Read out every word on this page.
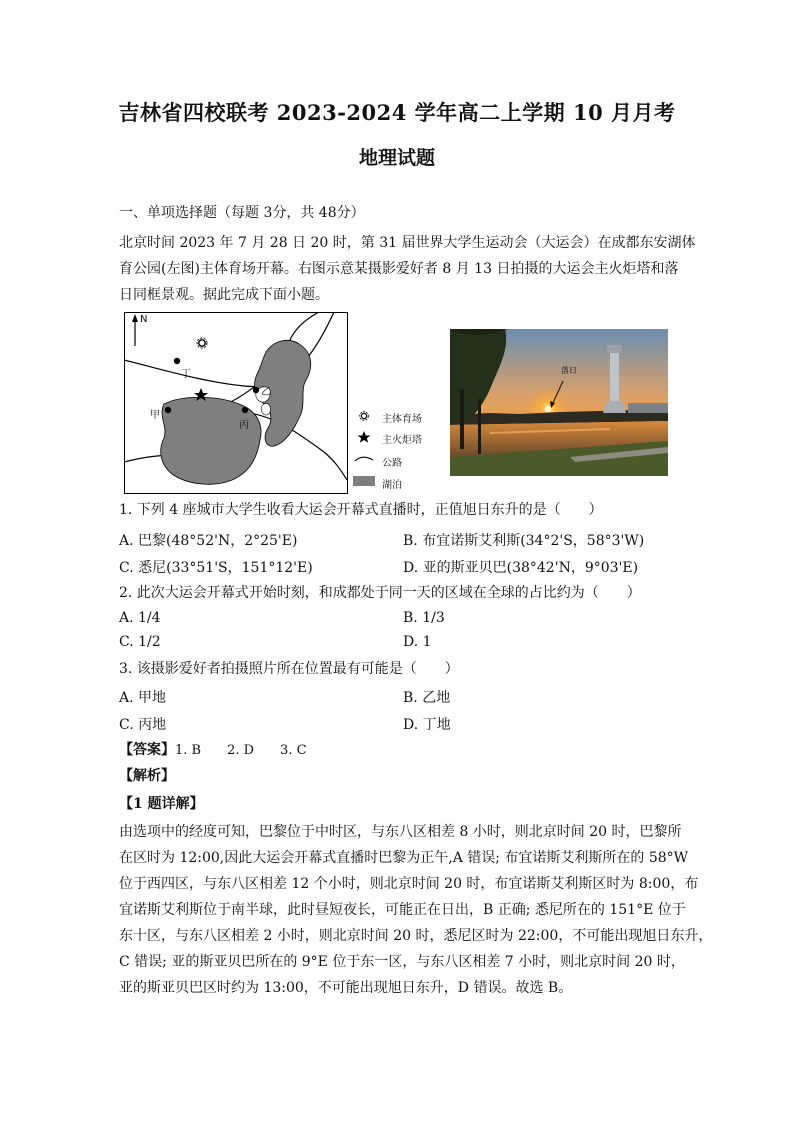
吉林省四校联考 2023-2024 学年高二上学期 10 月月考
地理试题
一、单项选择题（每题 3分，共 48分）
北京时间 2023 年 7 月 28 日 20 时，第 31 届世界大学生运动会（大运会）在成都东安湖体
育公园(左图)主体育场开幕。右图示意某摄影爱好者 8 月 13 日拍摄的大运会主火炬塔和落
日同框景观。据此完成下面小题。
N
丁
甲
丙
乙
主体育场
主火炬塔
公路
湖泊
落日
1. 下列 4 座城市大学生收看大运会开幕式直播时，正值旭日东升的是（　　）
A. 巴黎(48°52'N，2°25'E)	B. 布宜诺斯艾利斯(34°2'S，58°3'W)
C. 悉尼(33°51'S，151°12'E)	D. 亚的斯亚贝巴(38°42'N，9°03'E)
2. 此次大运会开幕式开始时刻，和成都处于同一天的区域在全球的占比约为（　　）
A. 1/4	B. 1/3
C. 1/2	D. 1
3. 该摄影爱好者拍摄照片所在位置最有可能是（　　）
A. 甲地	B. 乙地
C. 丙地	D. 丁地
【答案】1. B　　2. D　　3. C
【解析】
【1 题详解】
由选项中的经度可知，巴黎位于中时区，与东八区相差 8 小时，则北京时间 20 时，巴黎所
在区时为 12:00,因此大运会开幕式直播时巴黎为正午,A 错误; 布宜诺斯艾利斯所在的 58°W
位于西四区，与东八区相差 12 个小时，则北京时间 20 时，布宜诺斯艾利斯区时为 8:00，布
宜诺斯艾利斯位于南半球，此时昼短夜长，可能正在日出，B 正确; 悉尼所在的 151°E 位于
东十区，与东八区相差 2 小时，则北京时间 20 时，悉尼区时为 22:00，不可能出现旭日东升，
C 错误; 亚的斯亚贝巴所在的 9°E 位于东一区，与东八区相差 7 小时，则北京时间 20 时，
亚的斯亚贝巴区时约为 13:00，不可能出现旭日东升，D 错误。故选 B。
